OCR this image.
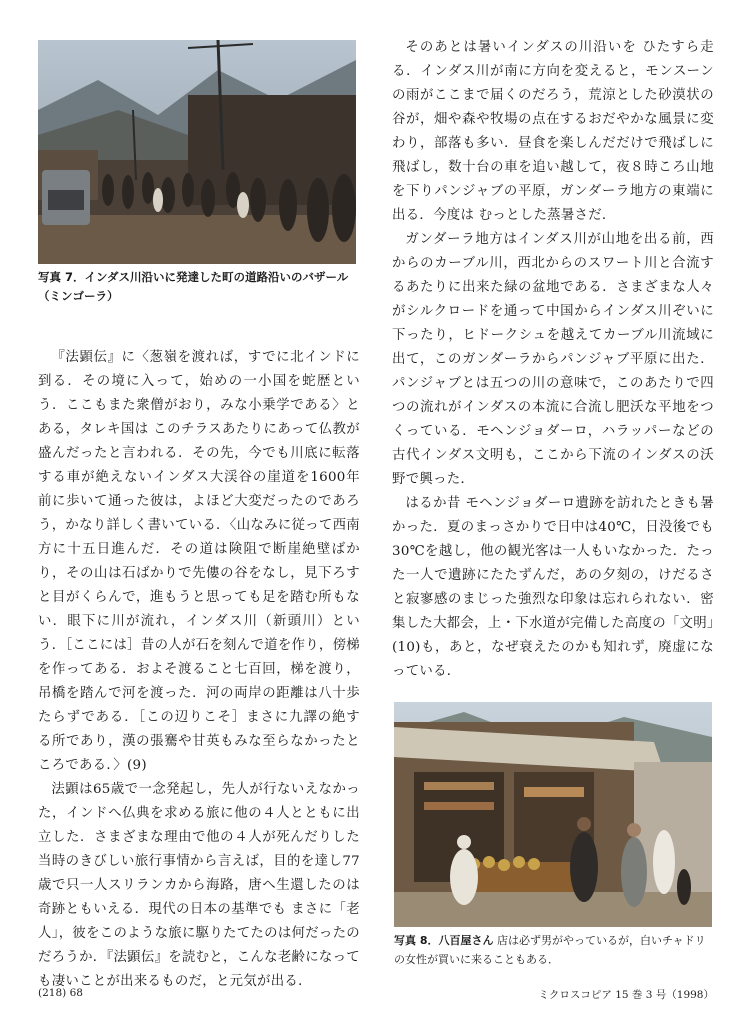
写真 7．インダス川沿いに発達した町の道路沿いのバザール（ミンゴーラ）

『法顕伝』に〈葱嶺を渡れば，すでに北インドに到る．その境に入って，始めの一小国を蛇歴という．ここもまた衆僧がおり，みな小乗学である〉とある，タレキ国は このチラスあたりにあって仏教が盛んだったと言われる．その先，今でも川底に転落する車が絶えないインダス大渓谷の崖道を1600年前に歩いて通った彼は，よほど大変だったのであろう，かなり詳しく書いている．〈山なみに従って西南方に十五日進んだ．その道は険阻で断崖絶壁ばかり，その山は石ばかりで先僂の谷をなし，見下ろすと目がくらんで，進もうと思っても足を踏む所もない．眼下に川が流れ，インダス川（新頭川）という．［ここには］昔の人が石を刻んで道を作り，傍梯を作ってある．およそ渡ること七百回，梯を渡り，吊橋を踏んで河を渡った．河の両岸の距離は八十歩たらずである．［この辺りこそ］まさに九譯の絶する所であり，漢の張騫や甘英もみな至らなかったところである．〉(9)

法顕は65歳で一念発起し，先人が行ないえなかった，インドへ仏典を求める旅に他の４人とともに出立した．さまざまな理由で他の４人が死んだりした当時のきびしい旅行事情から言えば，目的を達し77歳で只一人スリランカから海路，唐へ生還したのは奇跡ともいえる．現代の日本の基準でも まさに「老人」，彼をこのような旅に駆りたてたのは何だったのだろうか．『法顕伝』を読むと，こんな老齢になっても凄いことが出来るものだ，と元気が出る．

そのあとは暑いインダスの川沿いを ひたすら走る．インダス川が南に方向を変えると，モンスーンの雨がここまで届くのだろう，荒涼とした砂漠状の谷が，畑や森や牧場の点在するおだやかな風景に変わり，部落も多い．昼食を楽しんだだけで飛ばしに飛ばし，数十台の車を追い越して，夜８時ころ山地を下りパンジャブの平原，ガンダーラ地方の東端に出る．今度は むっとした蒸暑さだ．

ガンダーラ地方はインダス川が山地を出る前，西からのカーブル川，西北からのスワート川と合流するあたりに出来た緑の盆地である．さまざまな人々がシルクロードを通って中国からインダス川ぞいに下ったり，ヒドークシュを越えてカーブル川流域に出て，このガンダーラからパンジャブ平原に出た．パンジャブとは五つの川の意味で，このあたりで四つの流れがインダスの本流に合流し肥沃な平地をつくっている．モヘンジョダーロ，ハラッパーなどの古代インダス文明も，ここから下流のインダスの沃野で興った．

はるか昔 モヘンジョダーロ遺跡を訪れたときも暑かった．夏のまっさかりで日中は40℃，日没後でも30℃を越し，他の観光客は一人もいなかった．たった一人で遺跡にたたずんだ，あの夕刻の，けだるさと寂寥感のまじった強烈な印象は忘れられない．密集した大都会，上・下水道が完備した高度の「文明」(10)も，あと，なぜ衰えたのかも知れず，廃虚になっている．

写真 8．八百屋さん 店は必ず男がやっているが，白いチャドリの女性が買いに来ることもある．
(218) 68	ミクロスコピア 15 巻 3 号（1998）
